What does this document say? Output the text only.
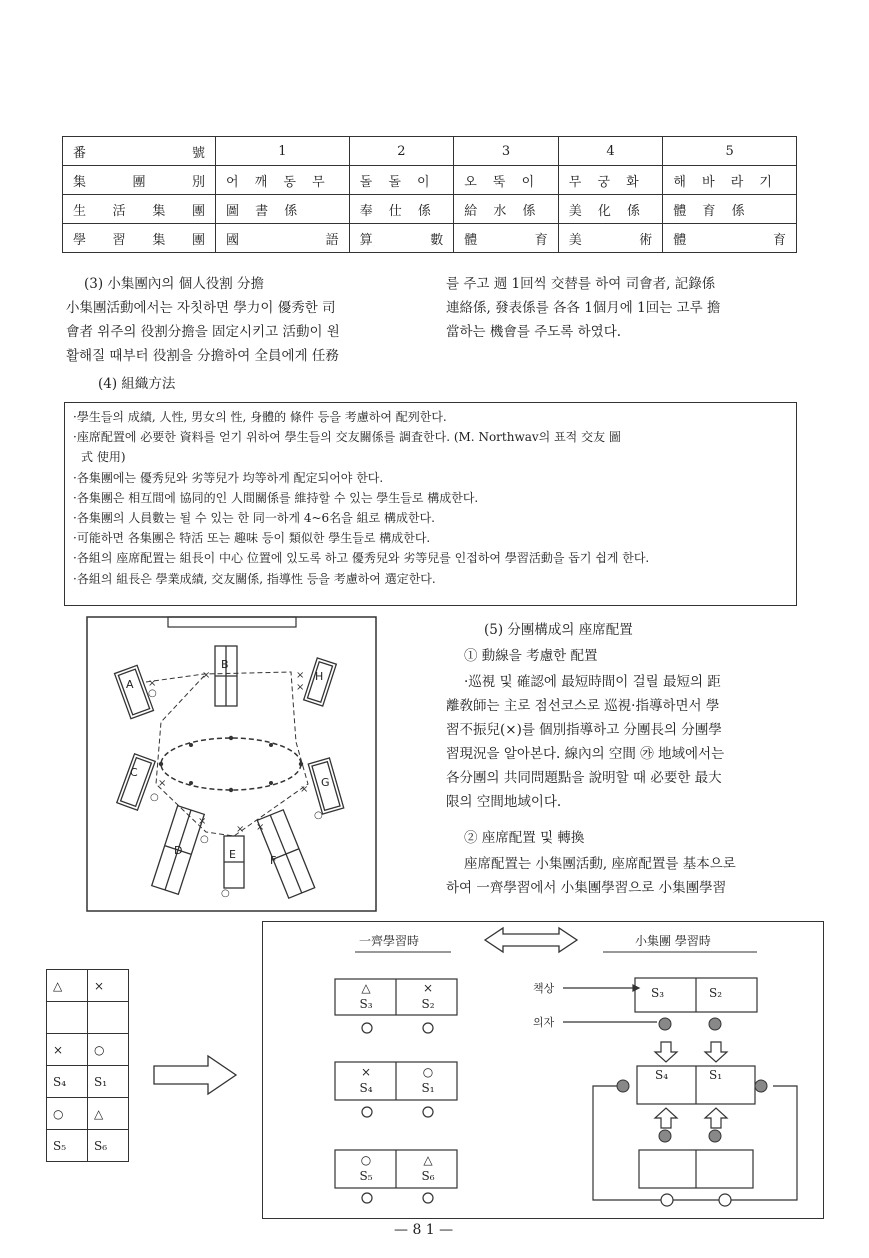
番 號	1	2	3	4	5
集 團 別	어 깨 동 무	돌 돌 이	오 뚝 이	무 궁 화	해 바 라 기
生 活 集 團	圖 書 係	奉 仕 係	給 水 係	美 化 係	體 育 係
學 習 集 團	國 語	算 數	體 育	美 術	體 育

(3) 小集團內의 個人役割 分擔

小集團活動에서는 자칫하면 學力이 優秀한 司

會者 위주의 役割分擔을 固定시키고 活動이 원

활해질 때부터 役割을 分擔하여 全員에게 任務

를 주고 週 1回씩 交替를 하여 司會者, 記錄係

連絡係, 發表係를 各各 1個月에 1回는 고루 擔

當하는 機會를 주도록 하였다.

(4) 組織方法

·學生들의 成績, 人性, 男女의 性, 身體的 條件 등을 考慮하여 配列한다.
·座席配置에 必要한 資料를 얻기 위하여 學生들의 交友關係를 調査한다. (M. Northwav의 표적 交友 圖
式 使用)
·各集團에는 優秀兒와 劣等兒가 均等하게 配定되어야 한다.
·各集團은 相互間에 協同的인 人間關係를 維持할 수 있는 學生들로 構成한다.
·各集團의 人員數는 될 수 있는 한 同一하게 4~6名을 組로 構成한다.
·可能하면 各集團은 特活 또는 趣味 등이 類似한 學生들로 構成한다.
·各組의 座席配置는 組長이 中心 位置에 있도록 하고 優秀兒와 劣等兒를 인접하여 學習活動을 돕기 쉽게 한다.
·各組의 組長은 學業成績, 交友關係, 指導性 등을 考慮하여 選定한다.

(5) 分團構成의 座席配置

① 動線을 考慮한 配置

·巡視 및 確認에 最短時間이 걸릴 最短의 距

離敎師는 主로 점선코스로 巡視·指導하면서 學

習不振兒(×)를 個別指導하고 分團長의 分團學

習現況을 알아본다. 線內의 空間 ㉮ 地域에서는

各分團의 共同問題點을 說明할 때 必要한 最大

限의 空間地域이다.

② 座席配置 및 轉換

座席配置는 小集團活動, 座席配置를 基本으로

하여 一齊學習에서 小集團學習으로 小集團學習

A
B
H
C
D	E	F
G
×
○
×	×
×
×
○
×
○
×
○
×
×
○
△	×

×	○
S₄	S₁
○	△
S₅	S₆
一齊學習時	小集團 學習時
책상
의자
△
S₃
×
S₂
×
S₄
○
S₁
○
S₅
△
S₆
S₃	S₂
S₄	S₁
— 8 1 —
